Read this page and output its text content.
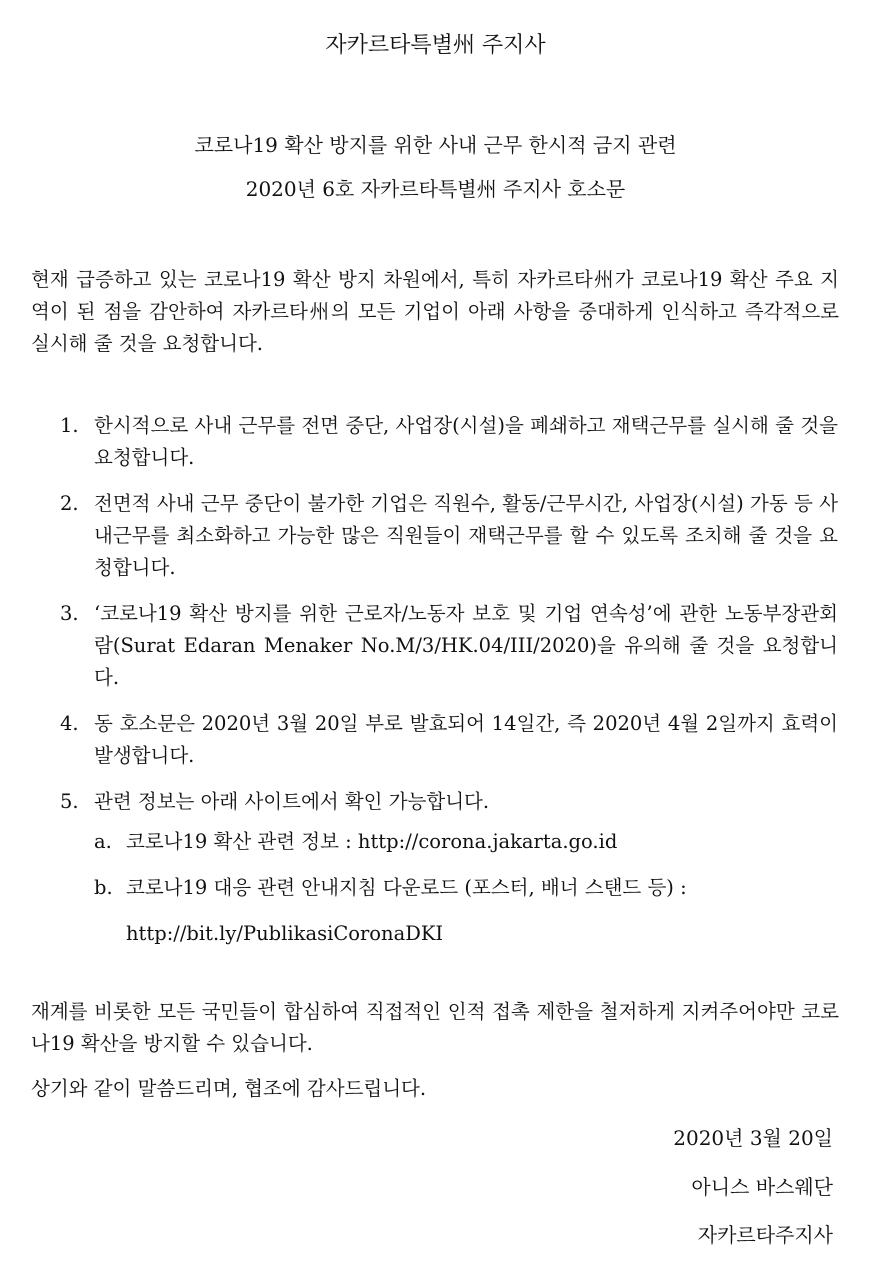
자카르타특별州 주지사
코로나19 확산 방지를 위한 사내 근무 한시적 금지 관련
2020년 6호 자카르타특별州 주지사 호소문

현재 급증하고 있는 코로나19 확산 방지 차원에서, 특히 자카르타州가 코로나19 확산 주요 지역이 된 점을 감안하여 자카르타州의 모든 기업이 아래 사항을 중대하게 인식하고 즉각적으로 실시해 줄 것을 요청합니다.

1. 한시적으로 사내 근무를 전면 중단, 사업장(시설)을 폐쇄하고 재택근무를 실시해 줄 것을 요청합니다.
2. 전면적 사내 근무 중단이 불가한 기업은 직원수, 활동/근무시간, 사업장(시설) 가동 등 사내근무를 최소화하고 가능한 많은 직원들이 재택근무를 할 수 있도록 조치해 줄 것을 요청합니다.
3. ‘코로나19 확산 방지를 위한 근로자/노동자 보호 및 기업 연속성’에 관한 노동부장관회람(Surat Edaran Menaker No.M/3/HK.04/III/2020)을 유의해 줄 것을 요청합니다.
4. 동 호소문은 2020년 3월 20일 부로 발효되어 14일간, 즉 2020년 4월 2일까지 효력이 발생합니다.
5. 관련 정보는 아래 사이트에서 확인 가능합니다.
a. 코로나19 확산 관련 정보 : http://corona.jakarta.go.id
b. 코로나19 대응 관련 안내지침 다운로드 (포스터, 배너 스탠드 등) :
http://bit.ly/PublikasiCoronaDKI

재계를 비롯한 모든 국민들이 합심하여 직접적인 인적 접촉 제한을 철저하게 지켜주어야만 코로나19 확산을 방지할 수 있습니다.

상기와 같이 말씀드리며, 협조에 감사드립니다.

2020년 3월 20일
아니스 바스웨단
자카르타주지사
